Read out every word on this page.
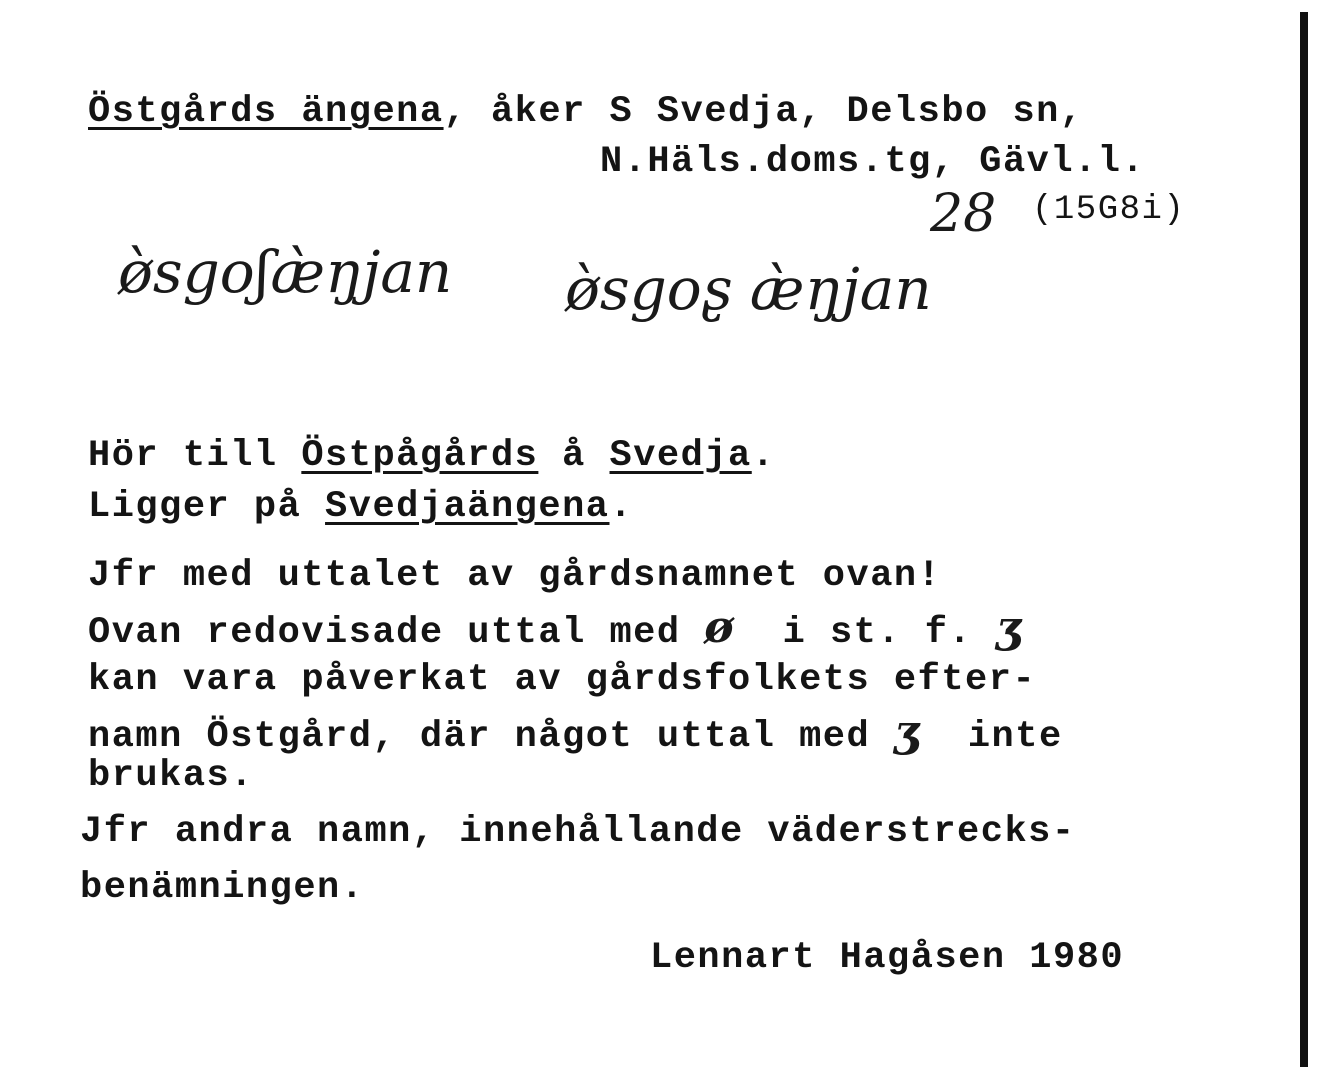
Östgårds ängena, åker S Svedja, Delsbo sn,
N.Häls.doms.tg, Gävl.l.
28 (15G8i)
ø̀sgoʃæ̀ŋjan ø̀sgoʂ æ̀ŋjan
Hör till Östpågårds å Svedja.
Ligger på Svedjaängena.
Jfr med uttalet av gårdsnamnet ovan!
Ovan redovisade uttal med ø  i st. f. ʒ
kan vara påverkat av gårdsfolkets efter-
namn Östgård, där något uttal med ʒ  inte
brukas.
Jfr andra namn, innehållande väderstrecks-
benämningen.
Lennart Hagåsen 1980
